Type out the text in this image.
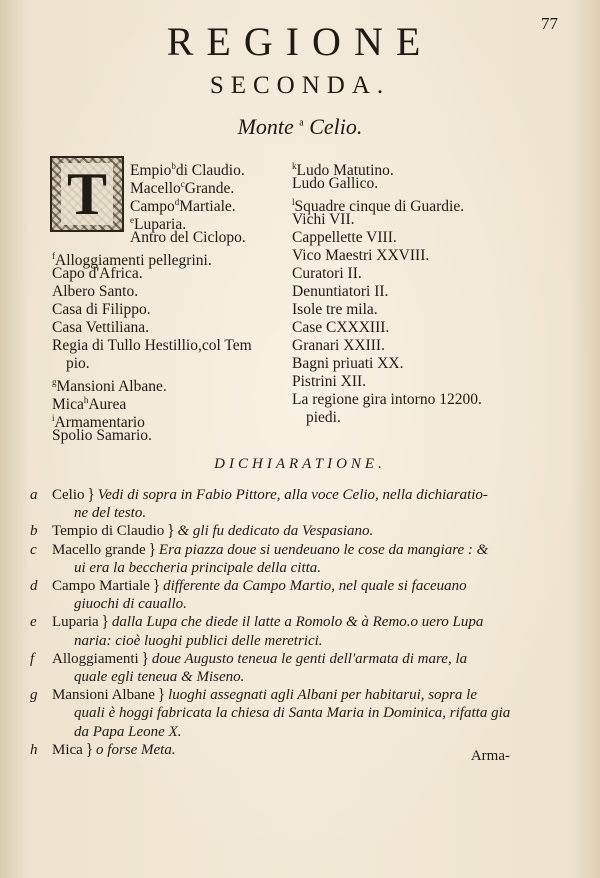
77
REGIONE
SECONDA.
Monte $^a$ Celio.
T	Empio$^b$di Claudio.
Macello$^c$Grande.
Campo$^d$Martiale.
$^e$Luparia.
Antro del Ciclopo.
$^f$Alloggiamenti pellegrini.
Capo d'Africa.
Albero Santo.
Casa di Filippo.
Casa Vettiliana.
Regia di Tullo Hestillio,col Tem
pio.
$^g$Mansioni Albane.
Mica$^h$Aurea
$^i$Armamentario
Spolio Samario.
$^k$Ludo Matutino.
Ludo Gallico.
$^l$Squadre cinque di Guardie.
Vichi VII.
Cappellette VIII.
Vico Maestri XXVIII.
Curatori II.
Denuntiatori II.
Isole tre mila.
Case CXXXIII.
Granari XXIII.
Bagni priuati XX.
Pistrini XII.
La regione gira intorno 12200.
piedi.
DICHIARATIONE.
a Celio } Vedi di sopra in Fabio Pittore, alla voce Celio, nella dichiaratio-
ne del testo.
b Tempio di Claudio } & gli fu dedicato da Vespasiano.
c Macello grande } Era piazza doue si uendeuano le cose da mangiare : &
ui era la beccheria principale della citta.
d Campo Martiale } differente da Campo Martio, nel quale si faceuano
giuochi di cauallo.
e Luparia } dalla Lupa che diede il latte a Romolo & à Remo.o uero Lupa
naria: cioè luoghi publici delle meretrici.
f Alloggiamenti } doue Augusto teneua le genti dell'armata di mare, la
quale egli teneua & Miseno.
g Mansioni Albane } luoghi assegnati agli Albani per habitarui, sopra le
quali è hoggi fabricata la chiesa di Santa Maria in Dominica, rifatta gia
da Papa Leone X.
h Mica } o forse Meta.	Arma-
